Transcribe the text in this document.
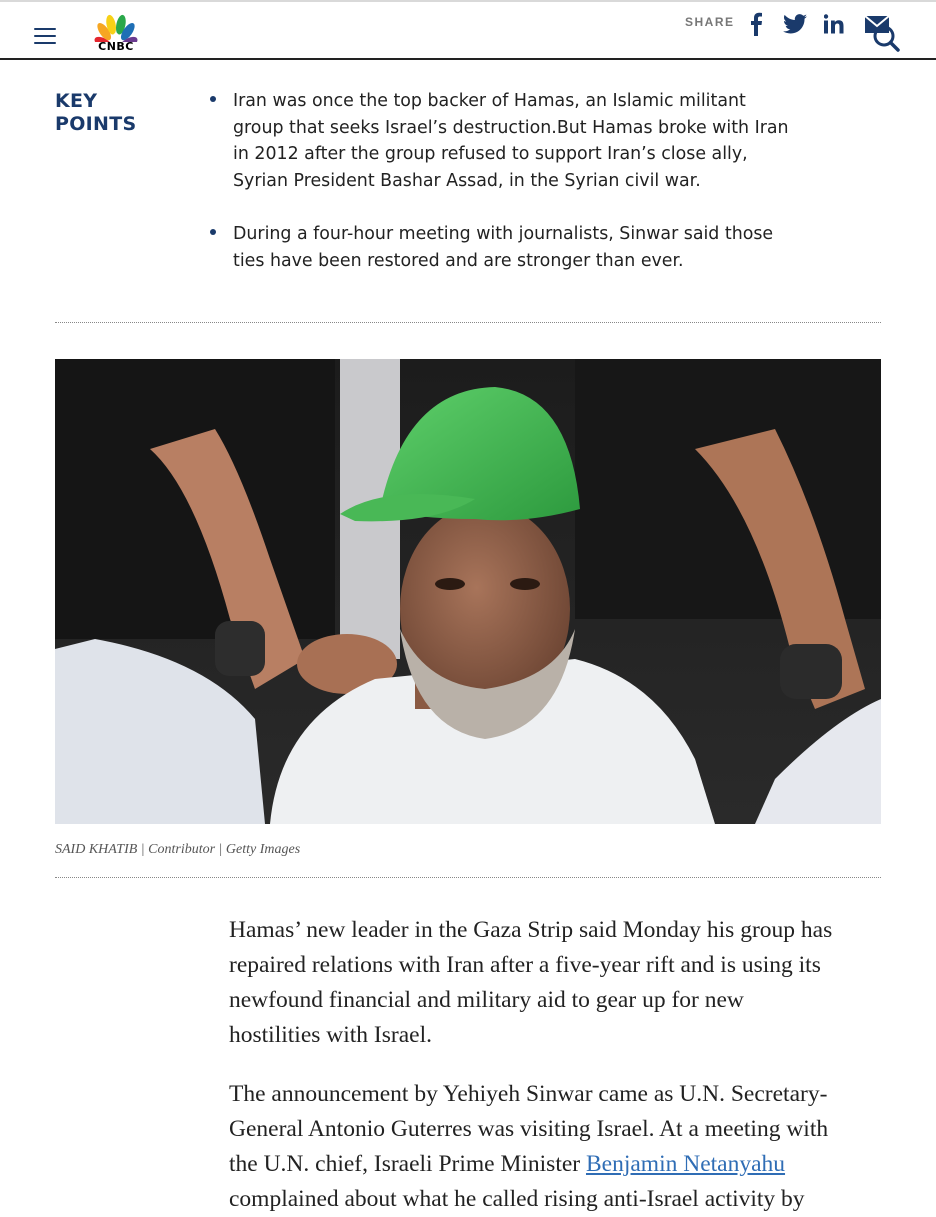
CNBC
SHARE
KEY
POINTS
Iran was once the top backer of Hamas, an Islamic militant group that seeks Israel’s destruction.But Hamas broke with Iran in 2012 after the group refused to support Iran’s close ally, Syrian President Bashar Assad, in the Syrian civil war.
During a four-hour meeting with journalists, Sinwar said those ties have been restored and are stronger than ever.
SAID KHATIB | Contributor | Getty Images

Hamas’ new leader in the Gaza Strip said Monday his group has repaired relations with Iran after a five-year rift and is using its newfound financial and military aid to gear up for new hostilities with Israel.

The announcement by Yehiyeh Sinwar came as U.N. Secretary-General Antonio Guterres was visiting Israel. At a meeting with the U.N. chief, Israeli Prime Minister Benjamin Netanyahu complained about what he called rising anti-Israel activity by
